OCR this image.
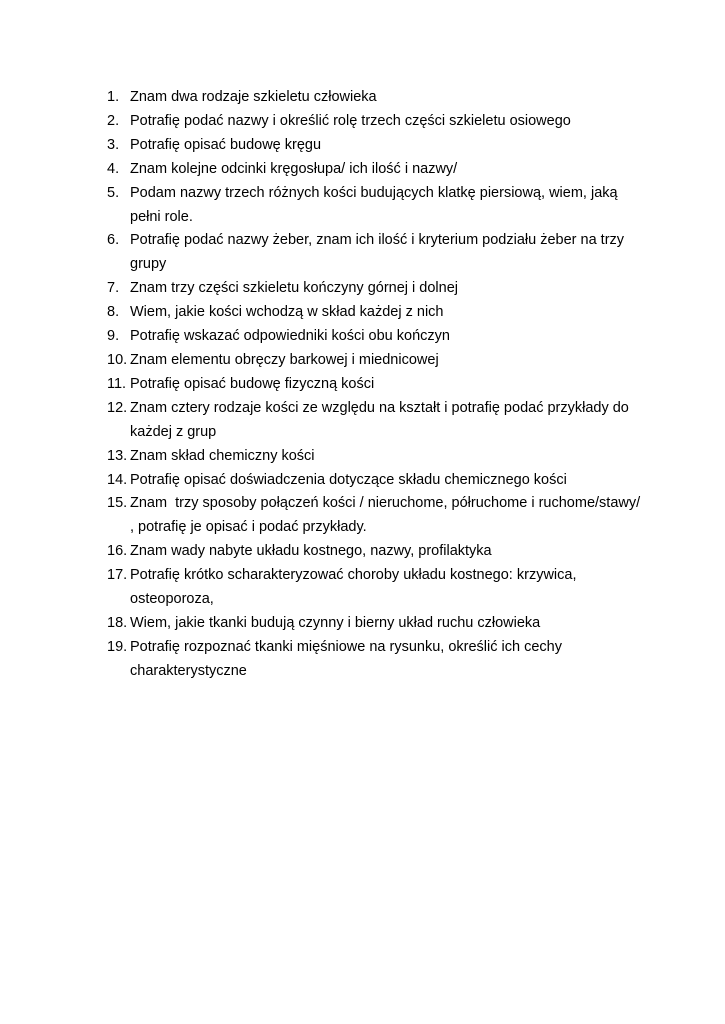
1. Znam dwa rodzaje szkieletu człowieka
2. Potrafię podać nazwy i określić rolę trzech części szkieletu osiowego
3. Potrafię opisać budowę kręgu
4. Znam kolejne odcinki kręgosłupa/ ich ilość i nazwy/
5. Podam nazwy trzech różnych kości budujących klatkę piersiową, wiem, jaką pełni role.
6. Potrafię podać nazwy żeber, znam ich ilość i kryterium podziału żeber na trzy grupy
7. Znam trzy części szkieletu kończyny górnej i dolnej
8. Wiem, jakie kości wchodzą w skład każdej z nich
9. Potrafię wskazać odpowiedniki kości obu kończyn
10. Znam elementu obręczy barkowej i miednicowej
11. Potrafię opisać budowę fizyczną kości
12. Znam cztery rodzaje kości ze względu na kształt i potrafię podać przykłady do każdej z grup
13. Znam skład chemiczny kości
14. Potrafię opisać doświadczenia dotyczące składu chemicznego kości
15. Znam  trzy sposoby połączeń kości / nieruchome, półruchome i ruchome/stawy/ , potrafię je opisać i podać przykłady.
16. Znam wady nabyte układu kostnego, nazwy, profilaktyka
17. Potrafię krótko scharakteryzować choroby układu kostnego: krzywica, osteoporoza,
18. Wiem, jakie tkanki budują czynny i bierny układ ruchu człowieka
19. Potrafię rozpoznać tkanki mięśniowe na rysunku, określić ich cechy charakterystyczne
